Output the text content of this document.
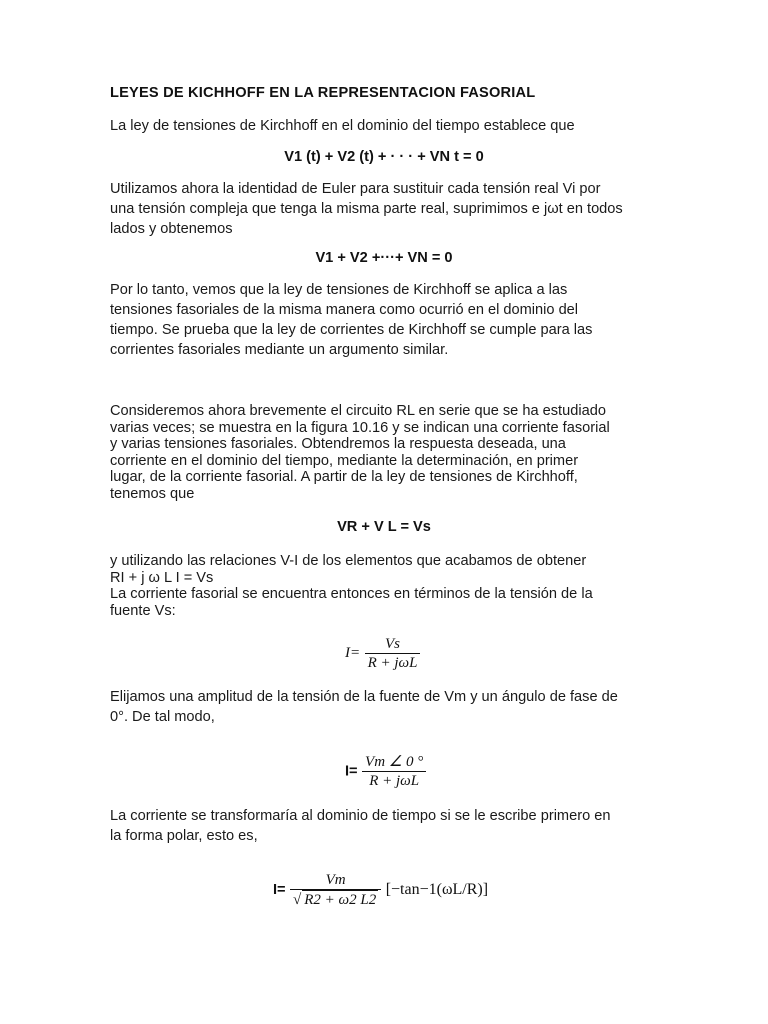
LEYES DE KICHHOFF EN LA REPRESENTACION FASORIAL
La ley de tensiones de Kirchhoff en el dominio del tiempo establece que
V1 (t) + V2 (t) + · · · + VN t = 0
Utilizamos ahora la identidad de Euler para sustituir cada tensión real Vi por
una tensión compleja que tenga la misma parte real, suprimimos e jωt en todos
lados y obtenemos
V1 + V2 +···+ VN = 0
Por lo tanto, vemos que la ley de tensiones de Kirchhoff se aplica a las
tensiones fasoriales de la misma manera como ocurrió en el dominio del
tiempo. Se prueba que la ley de corrientes de Kirchhoff se cumple para las
corrientes fasoriales mediante un argumento similar.
Consideremos ahora brevemente el circuito RL en serie que se ha estudiado
varias veces; se muestra en la figura 10.16 y se indican una corriente fasorial
y varias tensiones fasoriales. Obtendremos la respuesta deseada, una
corriente en el dominio del tiempo, mediante la determinación, en primer
lugar, de la corriente fasorial. A partir de la ley de tensiones de Kirchhoff,
tenemos que
VR + V L = Vs
y utilizando las relaciones V-I de los elementos que acabamos de obtener
RI + j ω L I = Vs
La corriente fasorial se encuentra entonces en términos de la tensión de la
fuente Vs:
$I= \frac{Vs}{\text{R + jωL}}$
Elijamos una amplitud de la tensión de la fuente de Vm y un ángulo de fase de
0°. De tal modo,
$I= \frac{Vm \angle 0 ^\circ}{\text{R + jωL}}$
La corriente se transformaría al dominio de tiempo si se le escribe primero en
la forma polar, esto es,
$I= \frac{Vm}{√ R2 + \omega 2 L2} [-\tan-1(\omega L/R)]$
